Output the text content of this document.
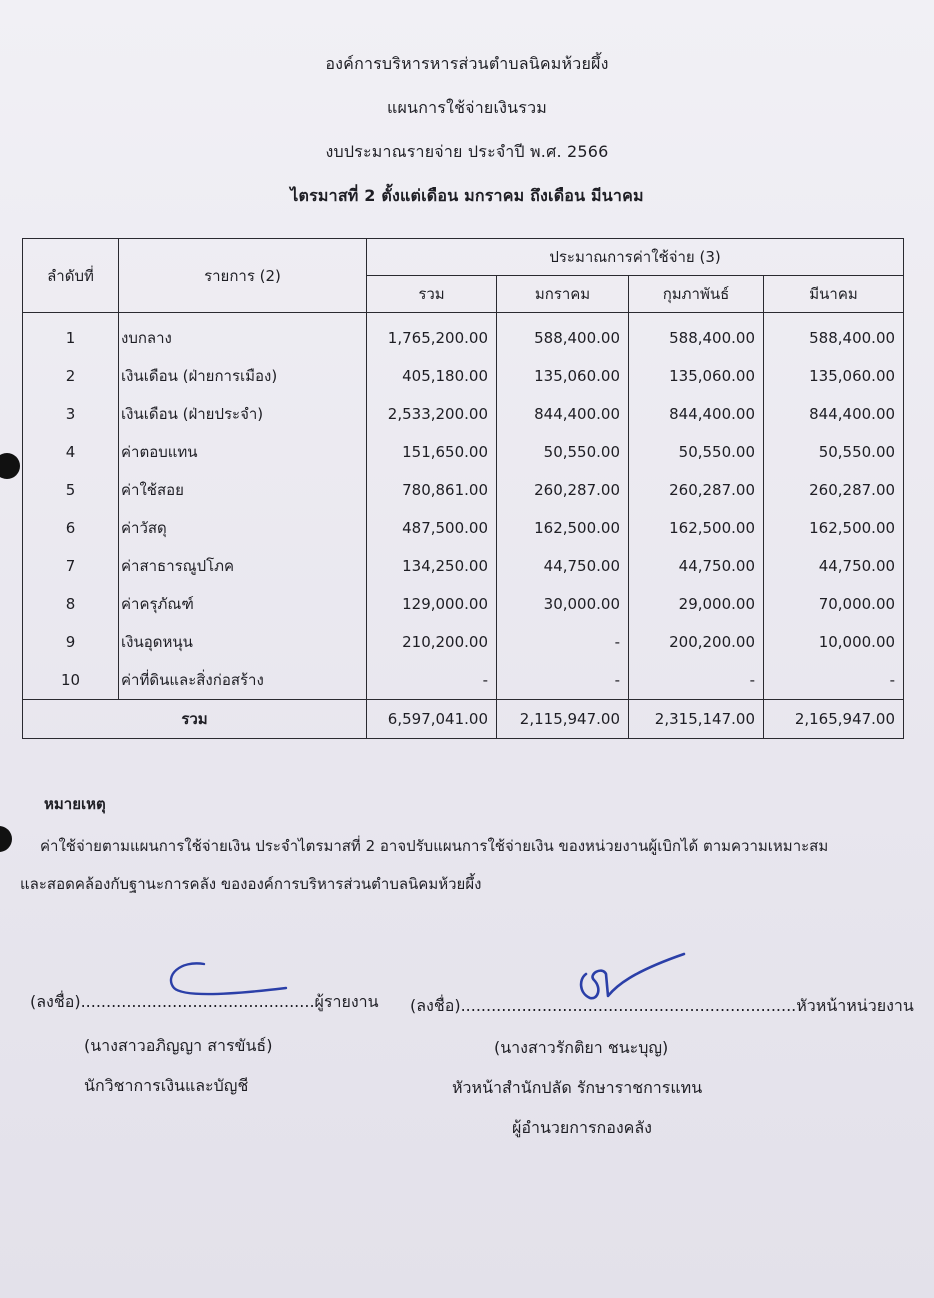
องค์การบริหารหารส่วนตำบลนิคมห้วยผึ้ง
แผนการใช้จ่ายเงินรวม
งบประมาณรายจ่าย ประจำปี พ.ศ. 2566
ไตรมาสที่ 2 ตั้งแต่เดือน มกราคม ถึงเดือน มีนาคม
ลำดับที่	รายการ (2)	ประมาณการค่าใช้จ่าย (3)			
		รวม	มกราคม	กุมภาพันธ์	มีนาคม
1	งบกลาง	1,765,200.00	588,400.00	588,400.00	588,400.00
2	เงินเดือน (ฝ่ายการเมือง)	405,180.00	135,060.00	135,060.00	135,060.00
3	เงินเดือน (ฝ่ายประจำ)	2,533,200.00	844,400.00	844,400.00	844,400.00
4	ค่าตอบแทน	151,650.00	50,550.00	50,550.00	50,550.00
5	ค่าใช้สอย	780,861.00	260,287.00	260,287.00	260,287.00
6	ค่าวัสดุ	487,500.00	162,500.00	162,500.00	162,500.00
7	ค่าสาธารณูปโภค	134,250.00	44,750.00	44,750.00	44,750.00
8	ค่าครุภัณฑ์	129,000.00	30,000.00	29,000.00	70,000.00
9	เงินอุดหนุน	210,200.00	-	200,200.00	10,000.00
10	ค่าที่ดินและสิ่งก่อสร้าง	-	-	-	-
รวม		6,597,041.00	2,115,947.00	2,315,147.00	2,165,947.00
หมายเหตุ
ค่าใช้จ่ายตามแผนการใช้จ่ายเงิน ประจำไตรมาสที่ 2 อาจปรับแผนการใช้จ่ายเงิน ของหน่วยงานผู้เบิกได้ ตามความเหมาะสม
และสอดคล้องกับฐานะการคลัง ขององค์การบริหารส่วนตำบลนิคมห้วยผึ้ง
(ลงชื่อ)..............................................ผู้รายงาน
(นางสาวอภิญญา สารขันธ์)
นักวิชาการเงินและบัญชี
(ลงชื่อ)..................................................................หัวหน้าหน่วยงาน
(นางสาวรักติยา ชนะบุญ)
หัวหน้าสำนักปลัด รักษาราชการแทน
ผู้อำนวยการกองคลัง
